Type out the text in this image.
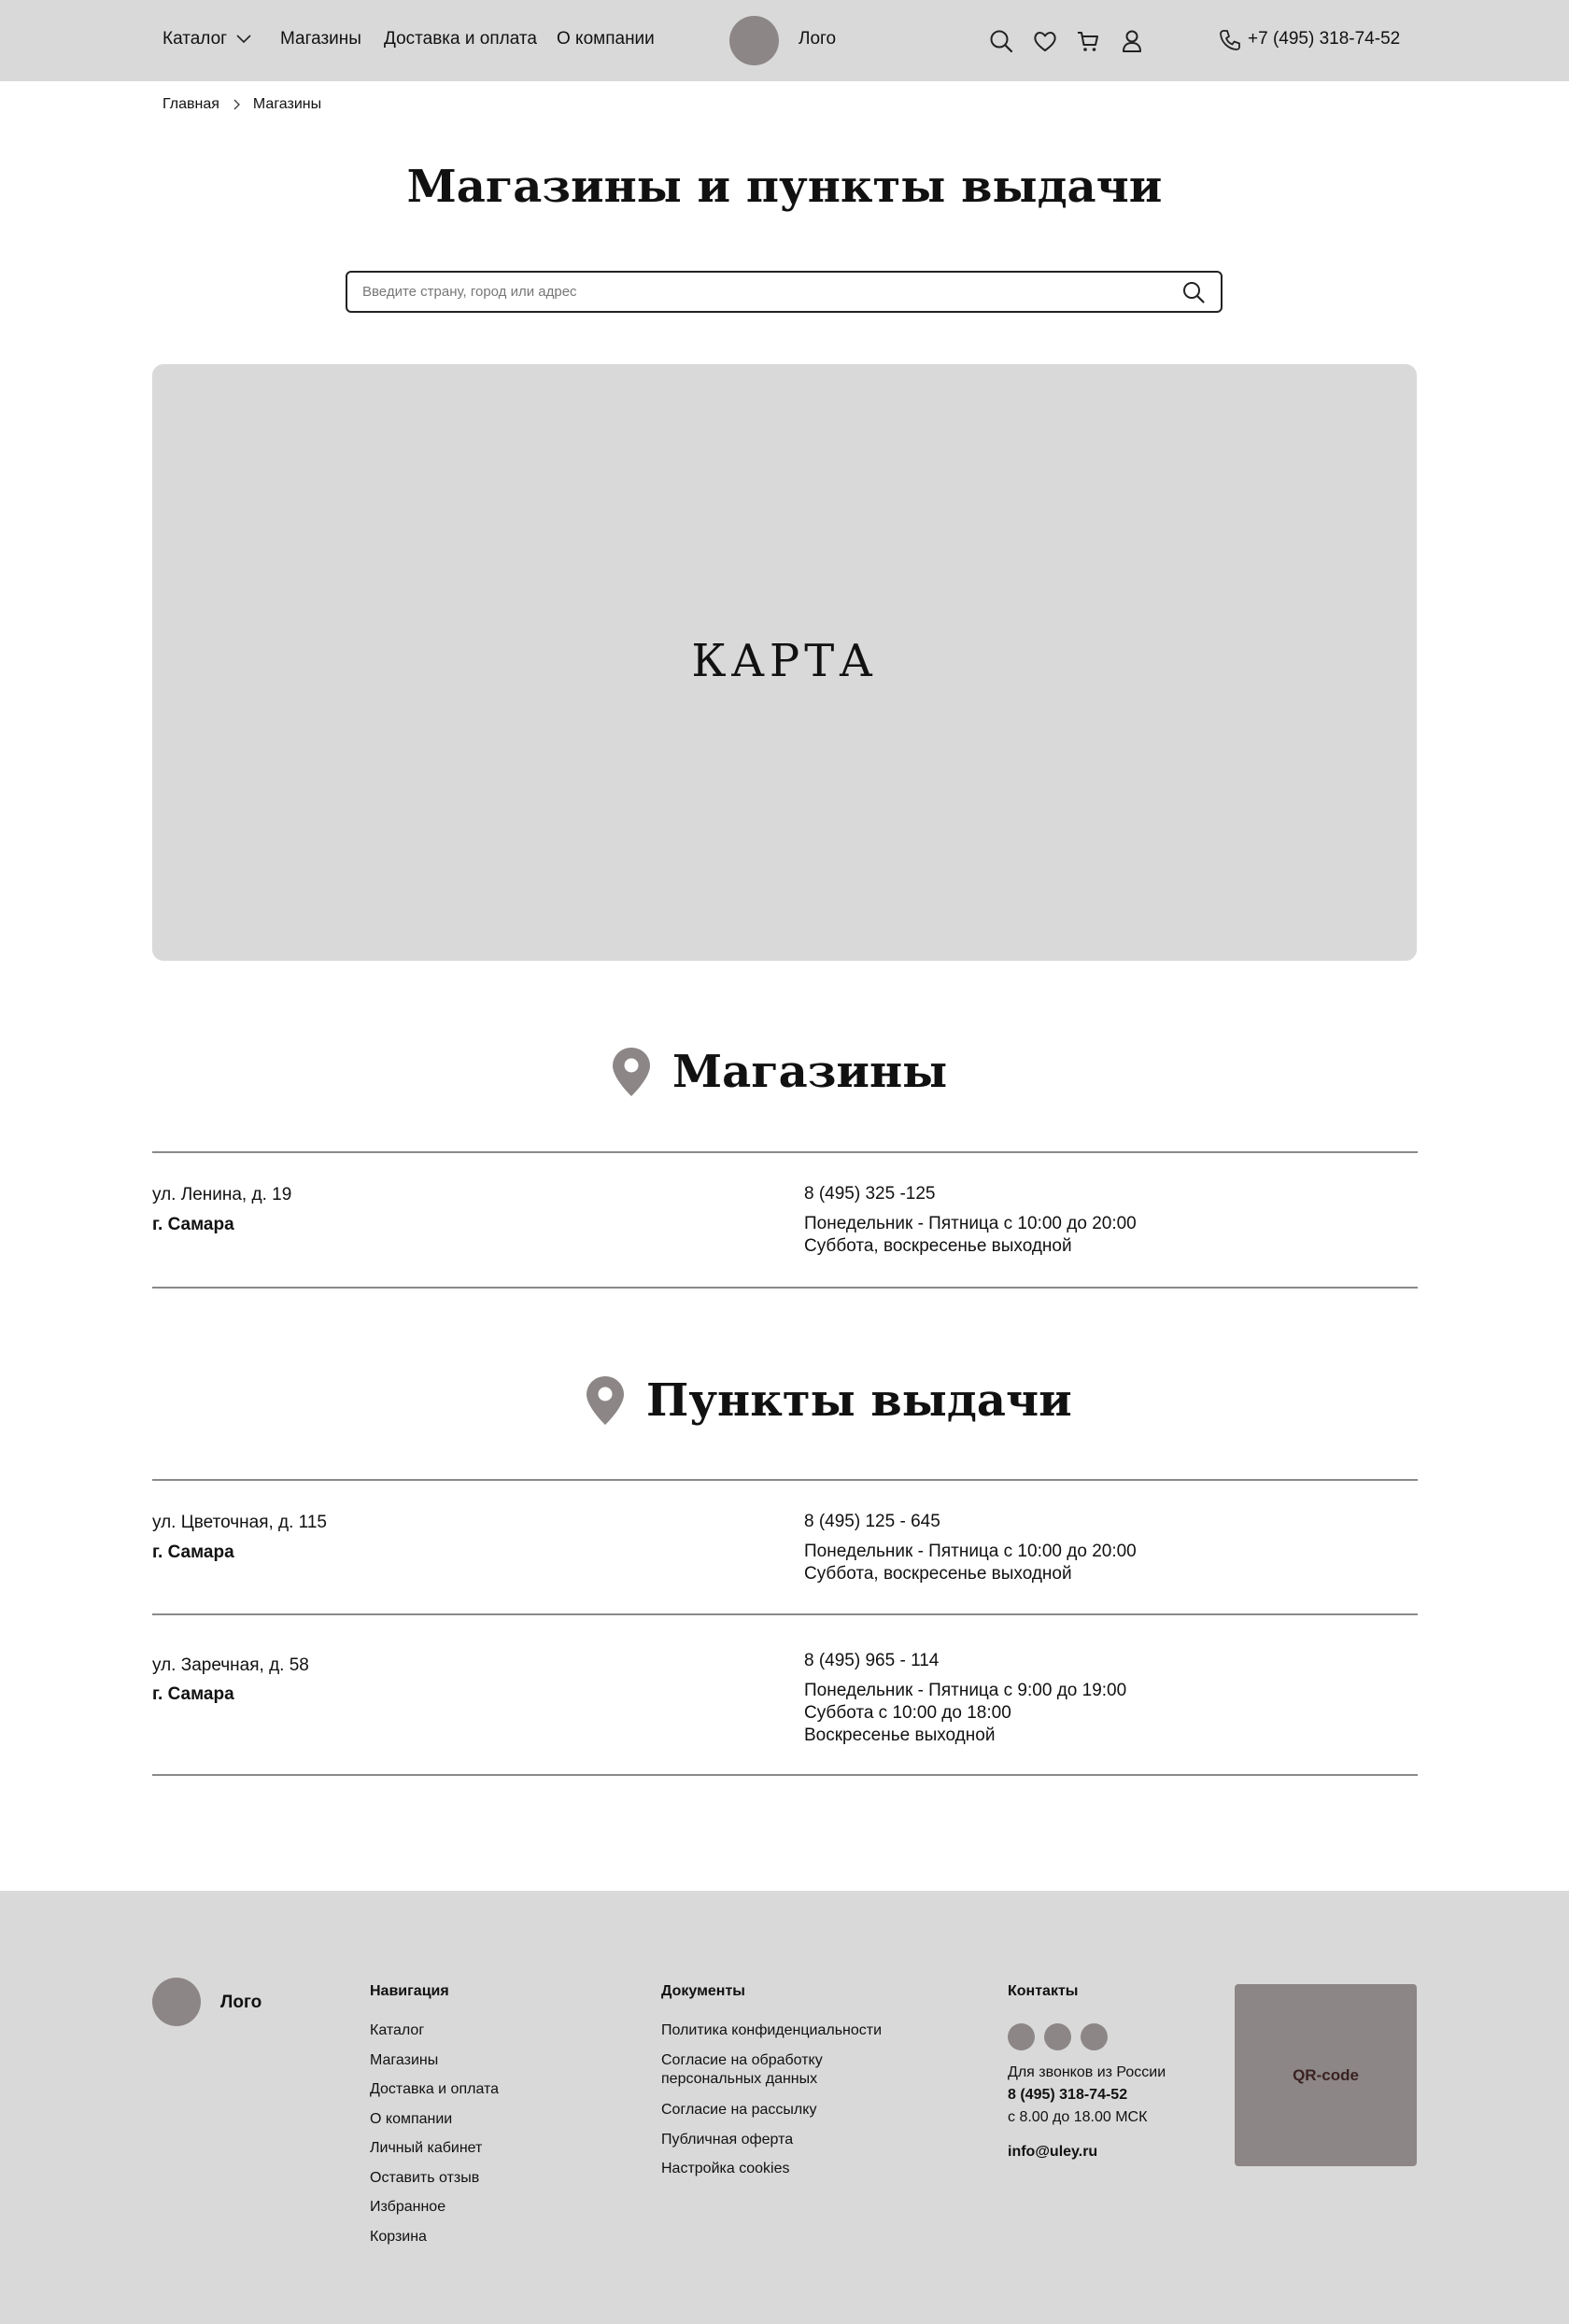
Каталог	Магазины Доставка и оплата О компании	Лого	+7 (495) 318-74-52
Главная Магазины
Магазины и пункты выдачи
Введите страну, город или адрес
КАРТА
Магазины
ул. Ленина, д. 19
г. Самара
8 (495) 325 -125
Понедельник - Пятница с 10:00 до 20:00
Суббота, воскресенье выходной
Пункты выдачи
ул. Цветочная, д. 115
г. Самара
8 (495) 125 - 645
Понедельник - Пятница с 10:00 до 20:00
Суббота, воскресенье выходной
ул. Заречная, д. 58
г. Самара
8 (495) 965 - 114
Понедельник - Пятница с 9:00 до 19:00
Суббота с 10:00 до 18:00
Воскресенье выходной
Лого
Навигация
Каталог
Магазины
Доставка и оплата
О компании
Личный кабинет
Оставить отзыв
Избранное
Корзина
Документы
Политика конфиденциальности
Согласие на обработку
персональных данных
Согласие на рассылку
Публичная оферта
Настройка cookies
Контакты
Для звонков из России
8 (495) 318-74-52
с 8.00 до 18.00 МСК
info@uley.ru
QR-code
